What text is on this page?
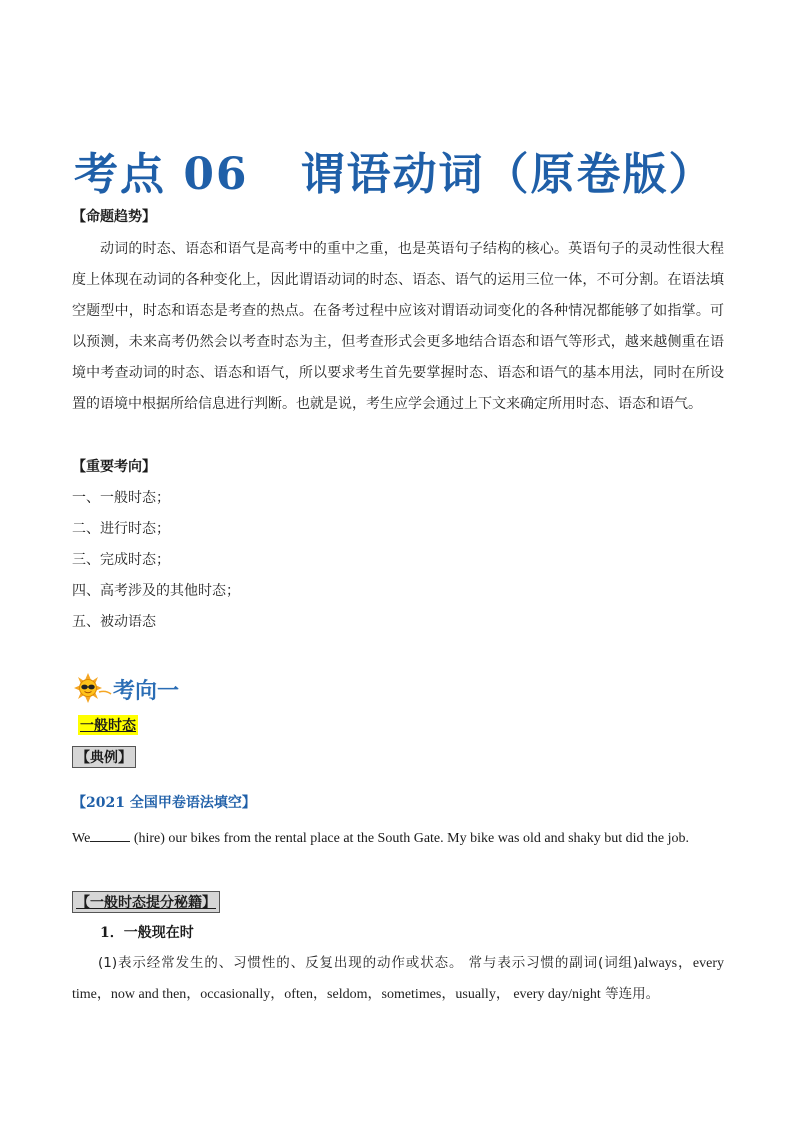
考点 06 谓语动词（原卷版）
【命题趋势】
动词的时态、语态和语气是高考中的重中之重，也是英语句子结构的核心。英语句子的灵动性很大程度上体现在动词的各种变化上，因此谓语动词的时态、语态、语气的运用三位一体，不可分割。在语法填空题型中，时态和语态是考查的热点。在备考过程中应该对谓语动词变化的各种情况都能够了如指掌。可以预测，未来高考仍然会以考查时态为主，但考查形式会更多地结合语态和语气等形式，越来越侧重在语境中考查动词的时态、语态和语气，所以要求考生首先要掌握时态、语态和语气的基本用法，同时在所设置的语境中根据所给信息进行判断。也就是说，考生应学会通过上下文来确定所用时态、语态和语气。
【重要考向】
一、一般时态；
二、进行时态；
三、完成时态；
四、高考涉及的其他时态；
五、被动语态
考向一
一般时态
【典例】
【2021 全国甲卷语法填空】
We	(hire) our bikes from the rental place at the South Gate. My bike was old and shaky but did the job.
【一般时态提分秘籍】
1．一般现在时
(1)表示经常发生的、习惯性的、反复出现的动作或状态。 常与表示习惯的副词(词组)always，every time，now and then，occasionally，often，seldom，sometimes，usually， every day/night 等连用。
